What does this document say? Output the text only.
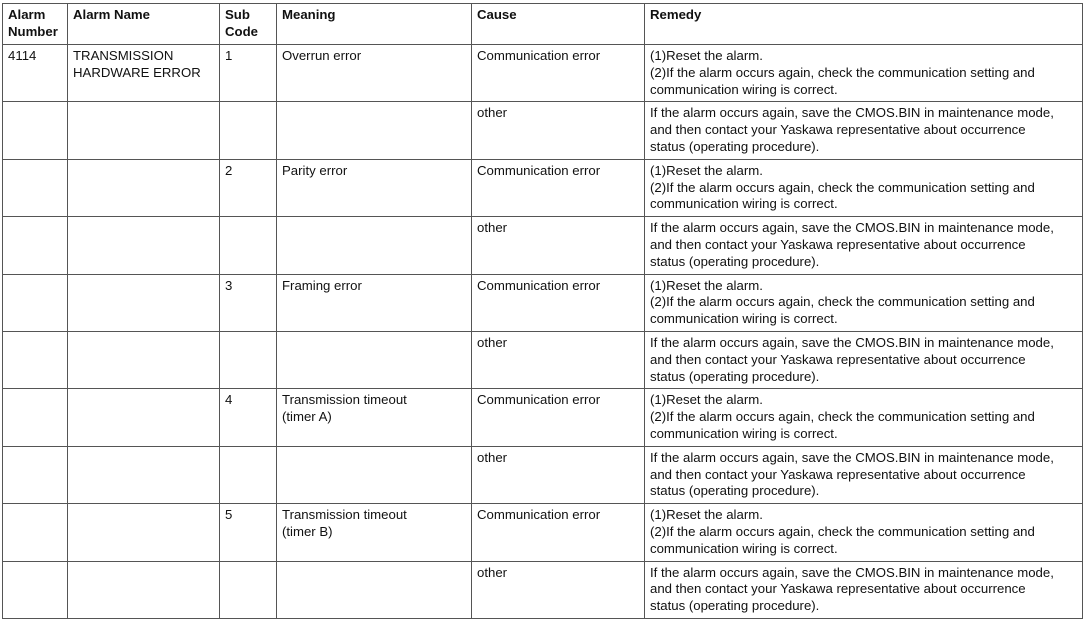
Alarm
Number	Alarm Name	Sub
Code	Meaning	Cause	Remedy
4114	TRANSMISSION
HARDWARE ERROR	1	Overrun error	Communication error	(1)Reset the alarm.
(2)If the alarm occurs again, check the communication setting and
communication wiring is correct.
				other	If the alarm occurs again, save the CMOS.BIN in maintenance mode,
and then contact your Yaskawa representative about occurrence
status (operating procedure).
		2	Parity error	Communication error	(1)Reset the alarm.
(2)If the alarm occurs again, check the communication setting and
communication wiring is correct.
				other	If the alarm occurs again, save the CMOS.BIN in maintenance mode,
and then contact your Yaskawa representative about occurrence
status (operating procedure).
		3	Framing error	Communication error	(1)Reset the alarm.
(2)If the alarm occurs again, check the communication setting and
communication wiring is correct.
				other	If the alarm occurs again, save the CMOS.BIN in maintenance mode,
and then contact your Yaskawa representative about occurrence
status (operating procedure).
		4	Transmission timeout
(timer A)	Communication error	(1)Reset the alarm.
(2)If the alarm occurs again, check the communication setting and
communication wiring is correct.
				other	If the alarm occurs again, save the CMOS.BIN in maintenance mode,
and then contact your Yaskawa representative about occurrence
status (operating procedure).
		5	Transmission timeout
(timer B)	Communication error	(1)Reset the alarm.
(2)If the alarm occurs again, check the communication setting and
communication wiring is correct.
				other	If the alarm occurs again, save the CMOS.BIN in maintenance mode,
and then contact your Yaskawa representative about occurrence
status (operating procedure).
